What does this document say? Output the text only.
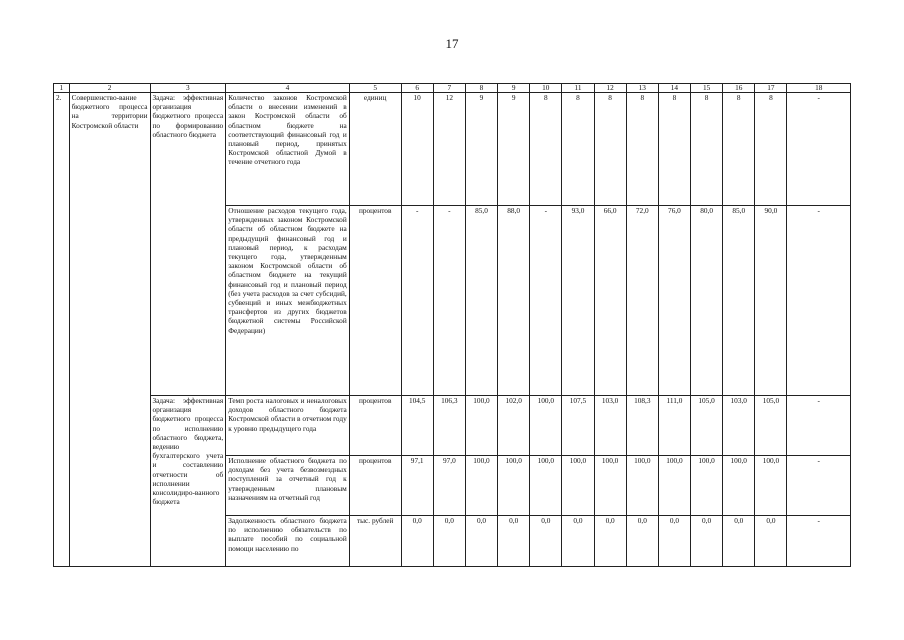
17
1	2	3	4	5	6	7	8	9	10	11	12	13	14	15	16	17	18
2.	Совершенство-вание бюджетного процесса на территории Костромской области	Задача: эффективная организация бюджетного процесса по формированию областного бюджета	Количество законов Костромской области о внесении изменений в закон Костромской области об областном бюджете на соответствующий финансовый год и плановый период, принятых Костромской областной Думой в течение отчетного года	единиц	10	12	9	9	8	8	8	8	8	8	8	8	-
			Отношение расходов текущего года, утвержденных законом Костромской области об областном бюджете на предыдущий финансовый год и плановый период, к расходам текущего года, утвержденным законом Костромской области об областном бюджете на текущий финансовый год и плановый период (без учета расходов за счет субсидий, субвенций и иных межбюджетных трансфертов из других бюджетов бюджетной системы Российской Федерации)	процентов	-	-	85,0	88,0	-	93,0	66,0	72,0	76,0	80,0	85,0	90,0	-
		Задача: эффективная организация бюджетного процесса по исполнению областного бюджета, ведению бухгалтерского учета и составлению отчетности об исполнении консолидиро-ванного бюджета	Темп роста налоговых и неналоговых доходов областного бюджета Костромской области в отчетном году к уровню предыдущего года	процентов	104,5	106,3	100,0	102,0	100,0	107,5	103,0	108,3	111,0	105,0	103,0	105,0	-
			Исполнение областного бюджета по доходам без учета безвозмездных поступлений за отчетный год к утвержденным плановым назначениям на отчетный год	процентов	97,1	97,0	100,0	100,0	100,0	100,0	100,0	100,0	100,0	100,0	100,0	100,0	-
			Задолженность областного бюджета по исполнению обязательств по выплате пособий по социальной помощи населению по	тыс. рублей	0,0	0,0	0,0	0,0	0,0	0,0	0,0	0,0	0,0	0,0	0,0	0,0	-
